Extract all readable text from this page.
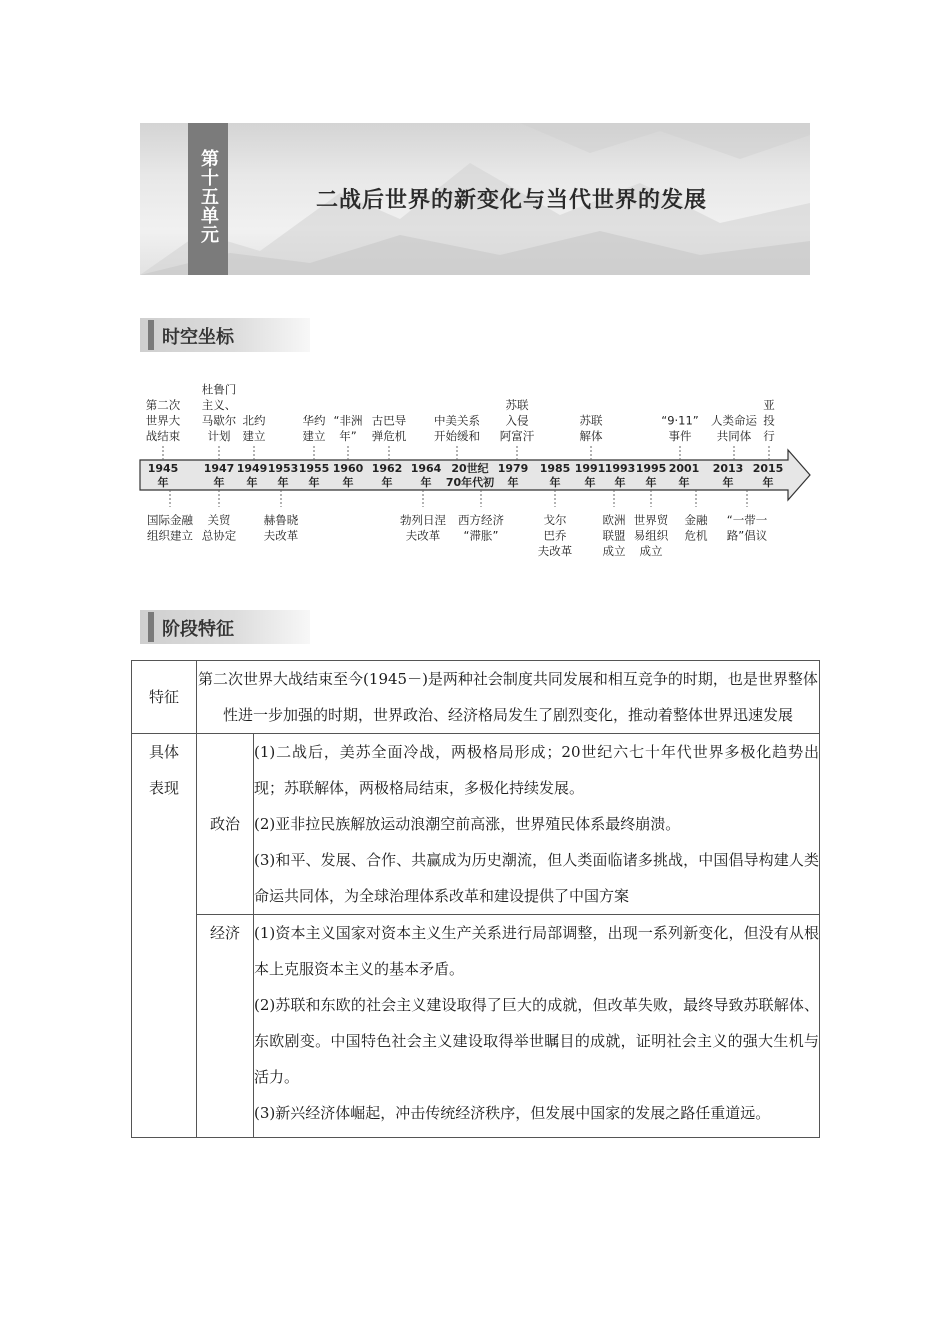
第十五单元	二战后世界的新变化与当代世界的发展
时空坐标
1945 年
1947 年
1949 年
1953 年
1955 年
1960 年
1962 年
1964 年
20世纪 70年代初
1979 年
1985 年
1991 年
1993 年
1995 年
2001 年
2013 年
2015 年
第二次世界大战结束
杜鲁门主义、马歇尔计划
北约建立
华约建立
“非洲年”
古巴导弹危机
中美关系开始缓和
苏联入侵阿富汗
苏联解体
“9·11”事件
人类命运共同体
亚投行
国际金融组织建立
关贸总协定
赫鲁晓夫改革
勃列日涅夫改革
西方经济“滞胀”
戈尔巴乔夫改革
欧洲联盟成立
世界贸易组织成立
金融危机
“一带一路”倡议
阶段特征
特征	第二次世界大战结束至今(1945－)是两种社会制度共同发展和相互竞争的时期，也是世界整体性进一步加强的时期，世界政治、经济格局发生了剧烈变化，推动着整体世界迅速发展	

具体表现	政治	(1)二战后，美苏全面冷战，两极格局形成；20世纪六七十年代世界多极化趋势出现；苏联解体，两极格局结束，多极化持续发展。

(2)亚非拉民族解放运动浪潮空前高涨，世界殖民体系最终崩溃。

(3)和平、发展、合作、共赢成为历史潮流，但人类面临诸多挑战，中国倡导构建人类命运共同体，为全球治理体系改革和建设提供了中国方案

	经济	(1)资本主义国家对资本主义生产关系进行局部调整，出现一系列新变化，但没有从根本上克服资本主义的基本矛盾。

(2)苏联和东欧的社会主义建设取得了巨大的成就，但改革失败，最终导致苏联解体、东欧剧变。中国特色社会主义建设取得举世瞩目的成就，证明社会主义的强大生机与活力。

(3)新兴经济体崛起，冲击传统经济秩序，但发展中国家的发展之路任重道远。
